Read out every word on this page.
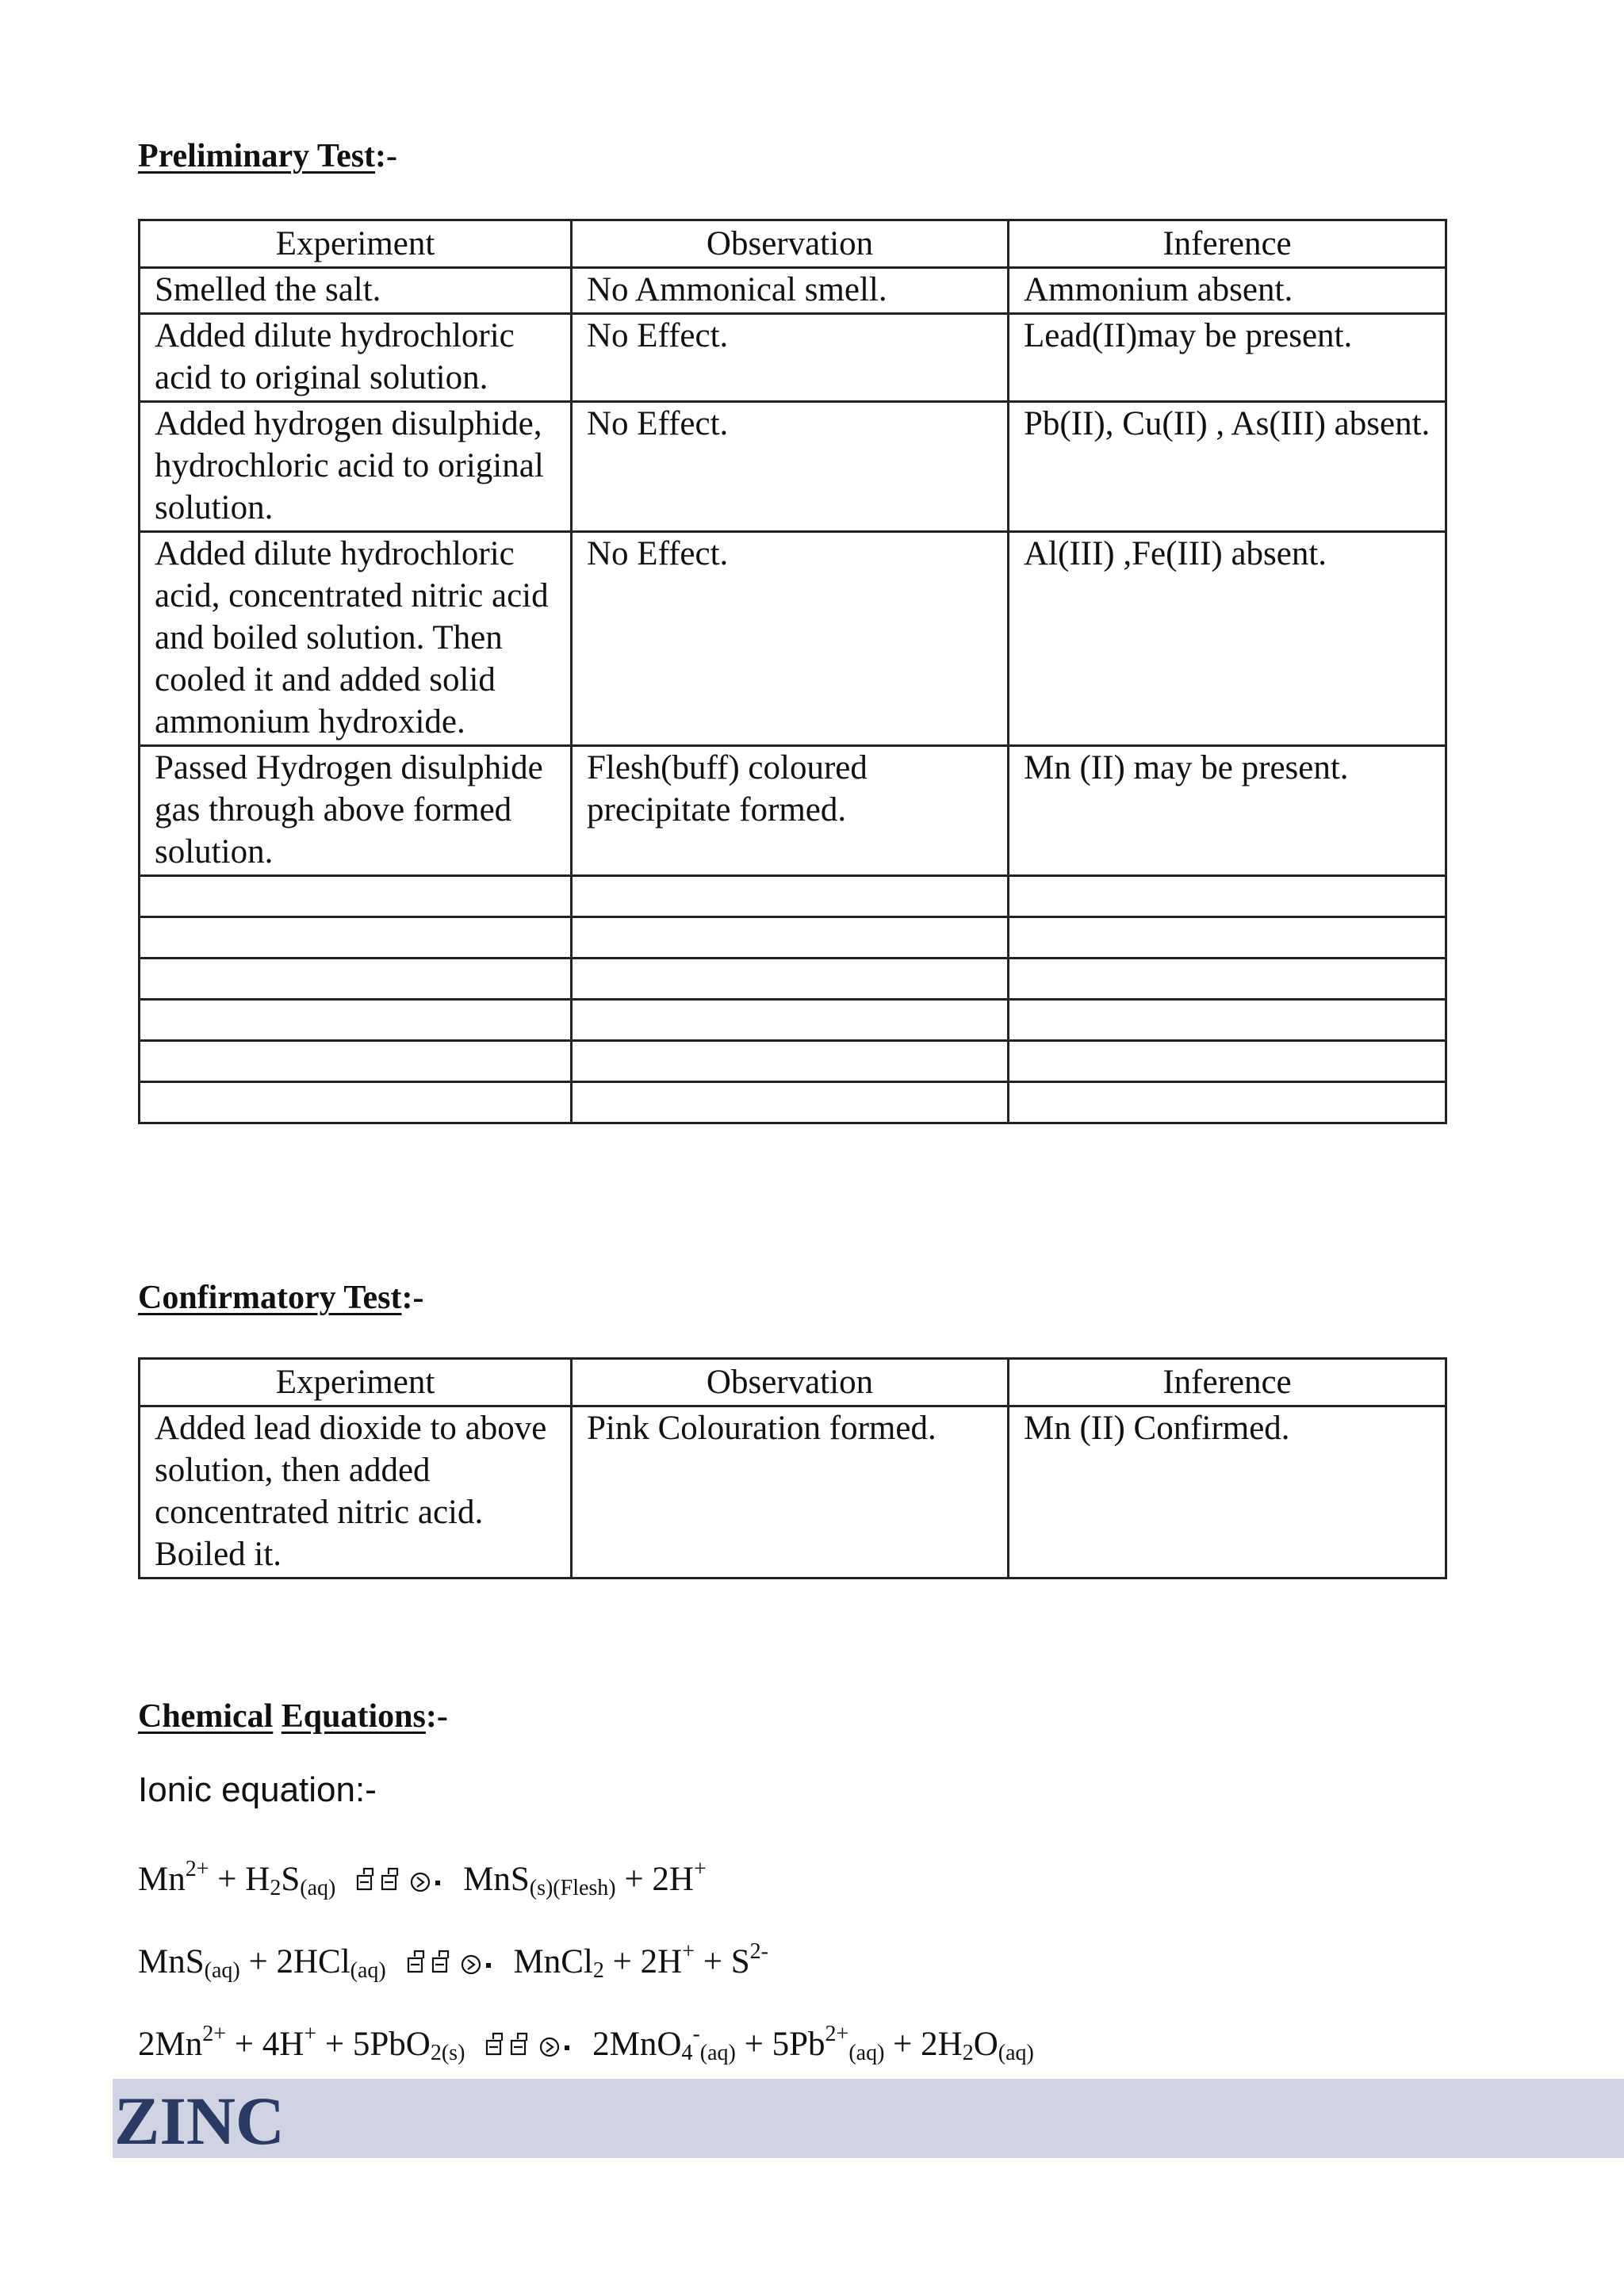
Preliminary Test:-
Experiment	Observation	Inference
Smelled the salt.	No Ammonical smell.	Ammonium absent.
Added dilute hydrochloric acid to original solution.	No Effect.	Lead(II)may be present.
Added hydrogen disulphide, hydrochloric acid to original solution.	No Effect.	Pb(II), Cu(II) , As(III) absent.
Added dilute hydrochloric acid, concentrated nitric acid and boiled solution. Then cooled it and added solid ammonium hydroxide.	No Effect.	Al(III) ,Fe(III) absent.
Passed Hydrogen disulphide gas through above formed solution.	Flesh(buff) coloured precipitate formed.	Mn (II) may be present.

Confirmatory Test:-
Experiment	Observation	Inference
Added lead dioxide to above solution, then added concentrated nitric acid. Boiled it.	Pink Colouration formed.	Mn (II) Confirmed.
Chemical Equations:-
Ionic equation:-
$Mn^{2+} + H_2S_{(aq)}$	MnS$_{(s)(Flesh)}$ + 2H+
MnS$_{(aq)}$ + 2HCl$_{(aq)}$	MnCl$_2$ + $2H^+ + S^{2-}$
$2Mn^{2+} + 4H^+ + 5PbO_{2(s)}$	$2MnO_4^-_{(aq)} + 5Pb^{2+}_{(aq)} + 2H_2O_{(aq)}$
ZINC
